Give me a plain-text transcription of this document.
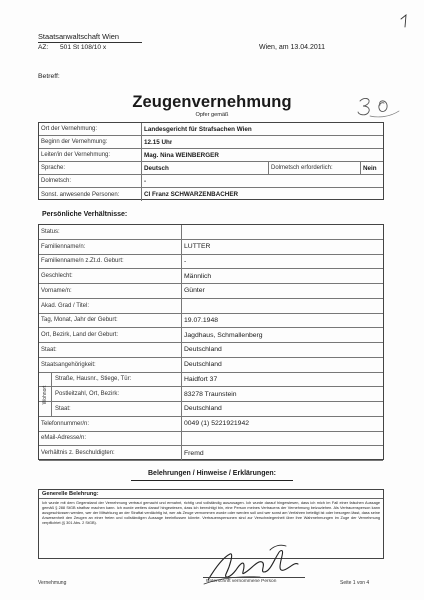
Staatsanwaltschaft Wien
AZ: 501 St 108/10 x	Wien, am 13.04.2011
Betreff:
Zeugenvernehmung
Opfer gemäß
Ort der Vernehmung:	Landesgericht für Strafsachen Wien
Beginn der Vernehmung:	12.15 Uhr
Leiter/in der Vernehmung:	Mag. Nina WEINBERGER
Sprache:	Deutsch	Dolmetsch erforderlich:	Nein
Dolmetsch:	-
Sonst. anwesende Personen:	CI Franz SCHWARZENBACHER
Persönliche Verhältnisse:
Status:
Familienname/n:	LUTTER
Familienname/n z.Zt.d. Geburt:	-
Geschlecht:	Männlich
Vorname/n:	Günter
Akad. Grad / Titel:
Tag, Monat, Jahr der Geburt:	19.07.1948
Ort, Bezirk, Land der Geburt:	Jagdhaus, Schmallenberg
Staat:	Deutschland
Staatsangehörigkeit:	Deutschland
Straße, Hausnr., Stiege, Tür:	Haidfort 37
Postleitzahl, Ort, Bezirk:	83278 Traunstein
Staat:	Deutschland
Telefonnummer/n:	0049 (1) 5221921942
eMail-Adresse/n:
Verhältnis z. Beschuldigten:	Fremd
Wohnort
Belehrungen / Hinweise / Erklärungen:
Generelle Belehrung:
Ich wurde mit dem Gegenstand der Vernehmung vertraut gemacht und ermahnt, richtig und vollständig auszusagen. Ich wurde darauf hingewiesen, dass ich mich im Fall einer falschen Aussage gemäß § 288 StGB strafbar machen kann. Ich wurde weiters darauf hingewiesen, dass ich berechtigt bin, eine Person meines Vertrauens der Vernehmung beizuziehen. Als Vertrauensperson kann ausgeschlossen werden, wer der Mitwirkung an der Straftat verdächtig ist, wer als Zeuge vernommen wurde oder werden soll und wer sonst am Verfahren beteiligt ist oder besorgen lässt, dass seine Anwesenheit den Zeugen an einer freien und vollständigen Aussage beeinflussen könnte. Vertrauenspersonen sind zur Verschwiegenheit über ihre Wahrnehmungen im Zuge der Vernehmung verpflichtet (§ 301 Abs. 2 StGB).
Unterschrift vernommene Person
Vernehmung	Seite 1 von 4
